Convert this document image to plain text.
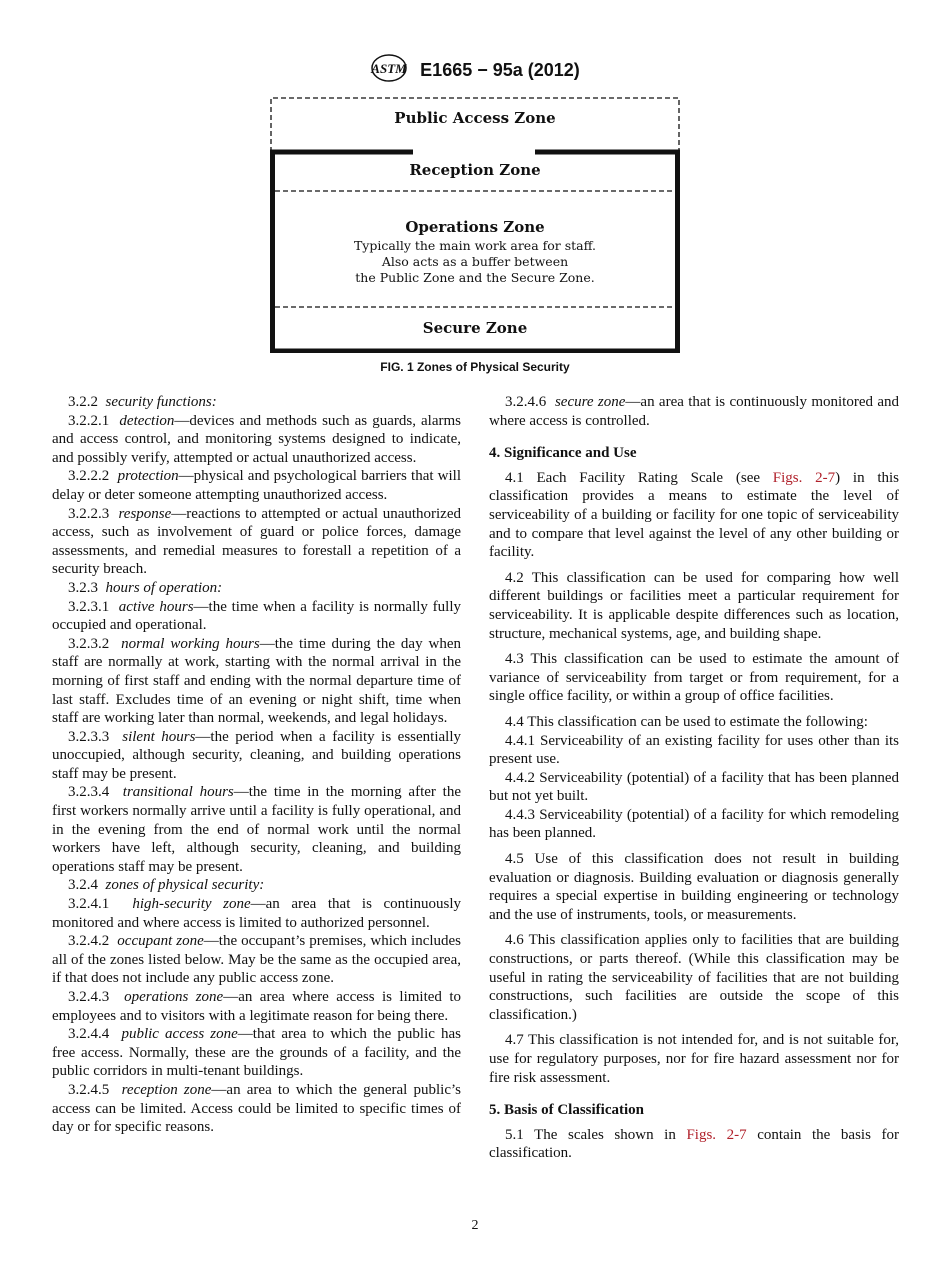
ASTM E1665 − 95a (2012)
Public Access Zone
Reception Zone
Operations Zone
Typically the main work area for staff.
Also acts as a buffer between
the Public Zone and the Secure Zone.
Secure Zone
FIG. 1 Zones of Physical Security

3.2.2 security functions:

3.2.2.1 detection—devices and methods such as guards, alarms and access control, and monitoring systems designed to indicate, and possibly verify, attempted or actual unauthorized access.

3.2.2.2 protection—physical and psychological barriers that will delay or deter someone attempting unauthorized access.

3.2.2.3 response—reactions to attempted or actual unauthorized access, such as involvement of guard or police forces, damage assessments, and remedial measures to forestall a repetition of a security breach.

3.2.3 hours of operation:

3.2.3.1 active hours—the time when a facility is normally fully occupied and operational.

3.2.3.2 normal working hours—the time during the day when staff are normally at work, starting with the normal arrival in the morning of first staff and ending with the normal departure time of last staff. Excludes time of an evening or night shift, time when staff are working later than normal, weekends, and legal holidays.

3.2.3.3 silent hours—the period when a facility is essentially unoccupied, although security, cleaning, and building operations staff may be present.

3.2.3.4 transitional hours—the time in the morning after the first workers normally arrive until a facility is fully operational, and in the evening from the end of normal work until the normal workers have left, although security, cleaning, and building operations staff may be present.

3.2.4 zones of physical security:

3.2.4.1 high-security zone—an area that is continuously monitored and where access is limited to authorized personnel.

3.2.4.2 occupant zone—the occupant’s premises, which includes all of the zones listed below. May be the same as the occupied area, if that does not include any public access zone.

3.2.4.3 operations zone—an area where access is limited to employees and to visitors with a legitimate reason for being there.

3.2.4.4 public access zone—that area to which the public has free access. Normally, these are the grounds of a facility, and the public corridors in multi-tenant buildings.

3.2.4.5 reception zone—an area to which the general public’s access can be limited. Access could be limited to specific times of day or for specific reasons.

3.2.4.6 secure zone—an area that is continuously monitored and where access is controlled.

4. Significance and Use

4.1 Each Facility Rating Scale (see Figs. 2-7) in this classification provides a means to estimate the level of serviceability of a building or facility for one topic of serviceability and to compare that level against the level of any other building or facility.

4.2 This classification can be used for comparing how well different buildings or facilities meet a particular requirement for serviceability. It is applicable despite differences such as location, structure, mechanical systems, age, and building shape.

4.3 This classification can be used to estimate the amount of variance of serviceability from target or from requirement, for a single office facility, or within a group of office facilities.

4.4 This classification can be used to estimate the following:

4.4.1 Serviceability of an existing facility for uses other than its present use.

4.4.2 Serviceability (potential) of a facility that has been planned but not yet built.

4.4.3 Serviceability (potential) of a facility for which remodeling has been planned.

4.5 Use of this classification does not result in building evaluation or diagnosis. Building evaluation or diagnosis generally requires a special expertise in building engineering or technology and the use of instruments, tools, or measurements.

4.6 This classification applies only to facilities that are building constructions, or parts thereof. (While this classification may be useful in rating the serviceability of facilities that are not building constructions, such facilities are outside the scope of this classification.)

4.7 This classification is not intended for, and is not suitable for, use for regulatory purposes, nor for fire hazard assessment nor for fire risk assessment.

5. Basis of Classification

5.1 The scales shown in Figs. 2-7 contain the basis for classification.

2
